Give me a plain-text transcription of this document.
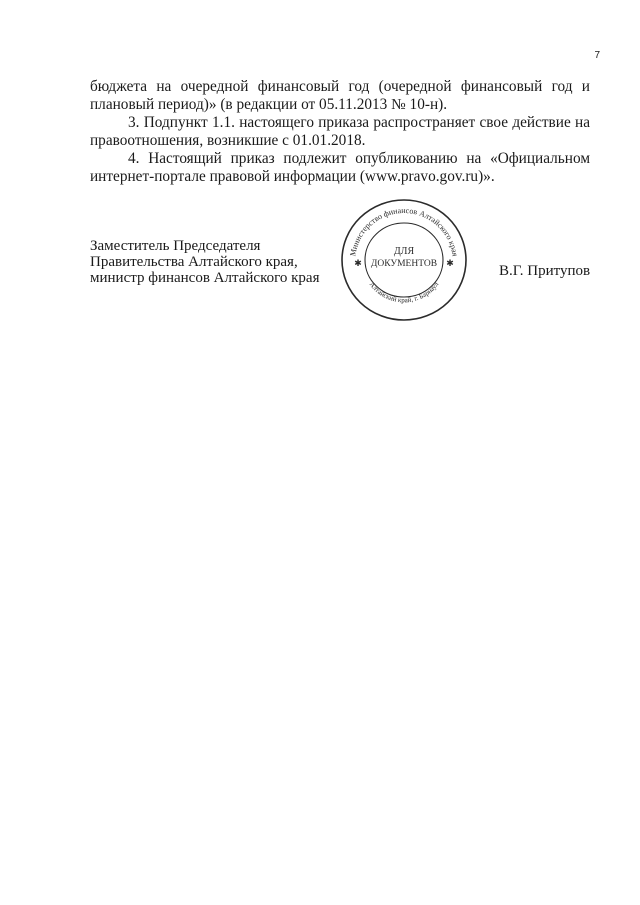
7

бюджета на очередной финансовый год (очередной финансовый год и плановый период)» (в редакции от 05.11.2013 № 10-н).

3. Подпункт 1.1. настоящего приказа распространяет свое действие на правоотношения, возникшие с 01.01.2018.

4. Настоящий приказ подлежит опубликованию на «Официальном интернет-портале правовой информации (www.pravo.gov.ru)».

Заместитель Председателя
Правительства Алтайского края,
министр финансов Алтайского края
Министерство финансов Алтайского края
Алтайский край, г. Барнаул
✱	✱
ДЛЯ
ДОКУМЕНТОВ	В.Г. Притупов
